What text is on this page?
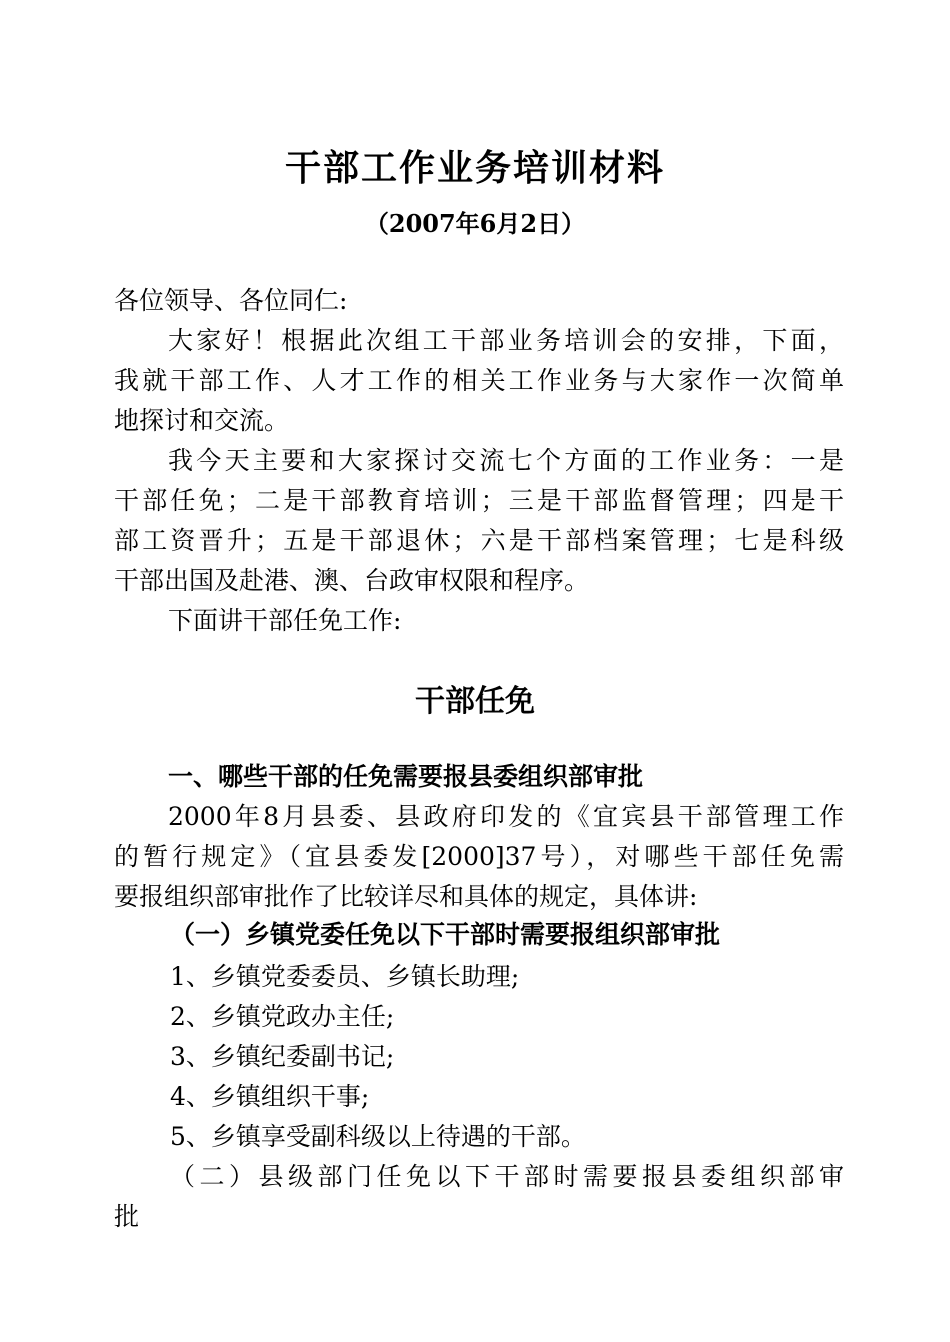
干部工作业务培训材料
（2007年6月2日）
各位领导、各位同仁:
大家好！根据此次组工干部业务培训会的安排，下面，
我就干部工作、人才工作的相关工作业务与大家作一次简单
地探讨和交流。
我今天主要和大家探讨交流七个方面的工作业务：一是
干部任免；二是干部教育培训；三是干部监督管理；四是干
部工资晋升；五是干部退休；六是干部档案管理；七是科级
干部出国及赴港、澳、台政审权限和程序。
下面讲干部任免工作:
干部任免
一、哪些干部的任免需要报县委组织部审批
2000年8月县委、县政府印发的《宜宾县干部管理工作
的暂行规定》（宜县委发[2000]37号），对哪些干部任免需
要报组织部审批作了比较详尽和具体的规定，具体讲:
（一）乡镇党委任免以下干部时需要报组织部审批
1、乡镇党委委员、乡镇长助理;
2、乡镇党政办主任;
3、乡镇纪委副书记;
4、乡镇组织干事;
5、乡镇享受副科级以上待遇的干部。
（二）县级部门任免以下干部时需要报县委组织部审
批
